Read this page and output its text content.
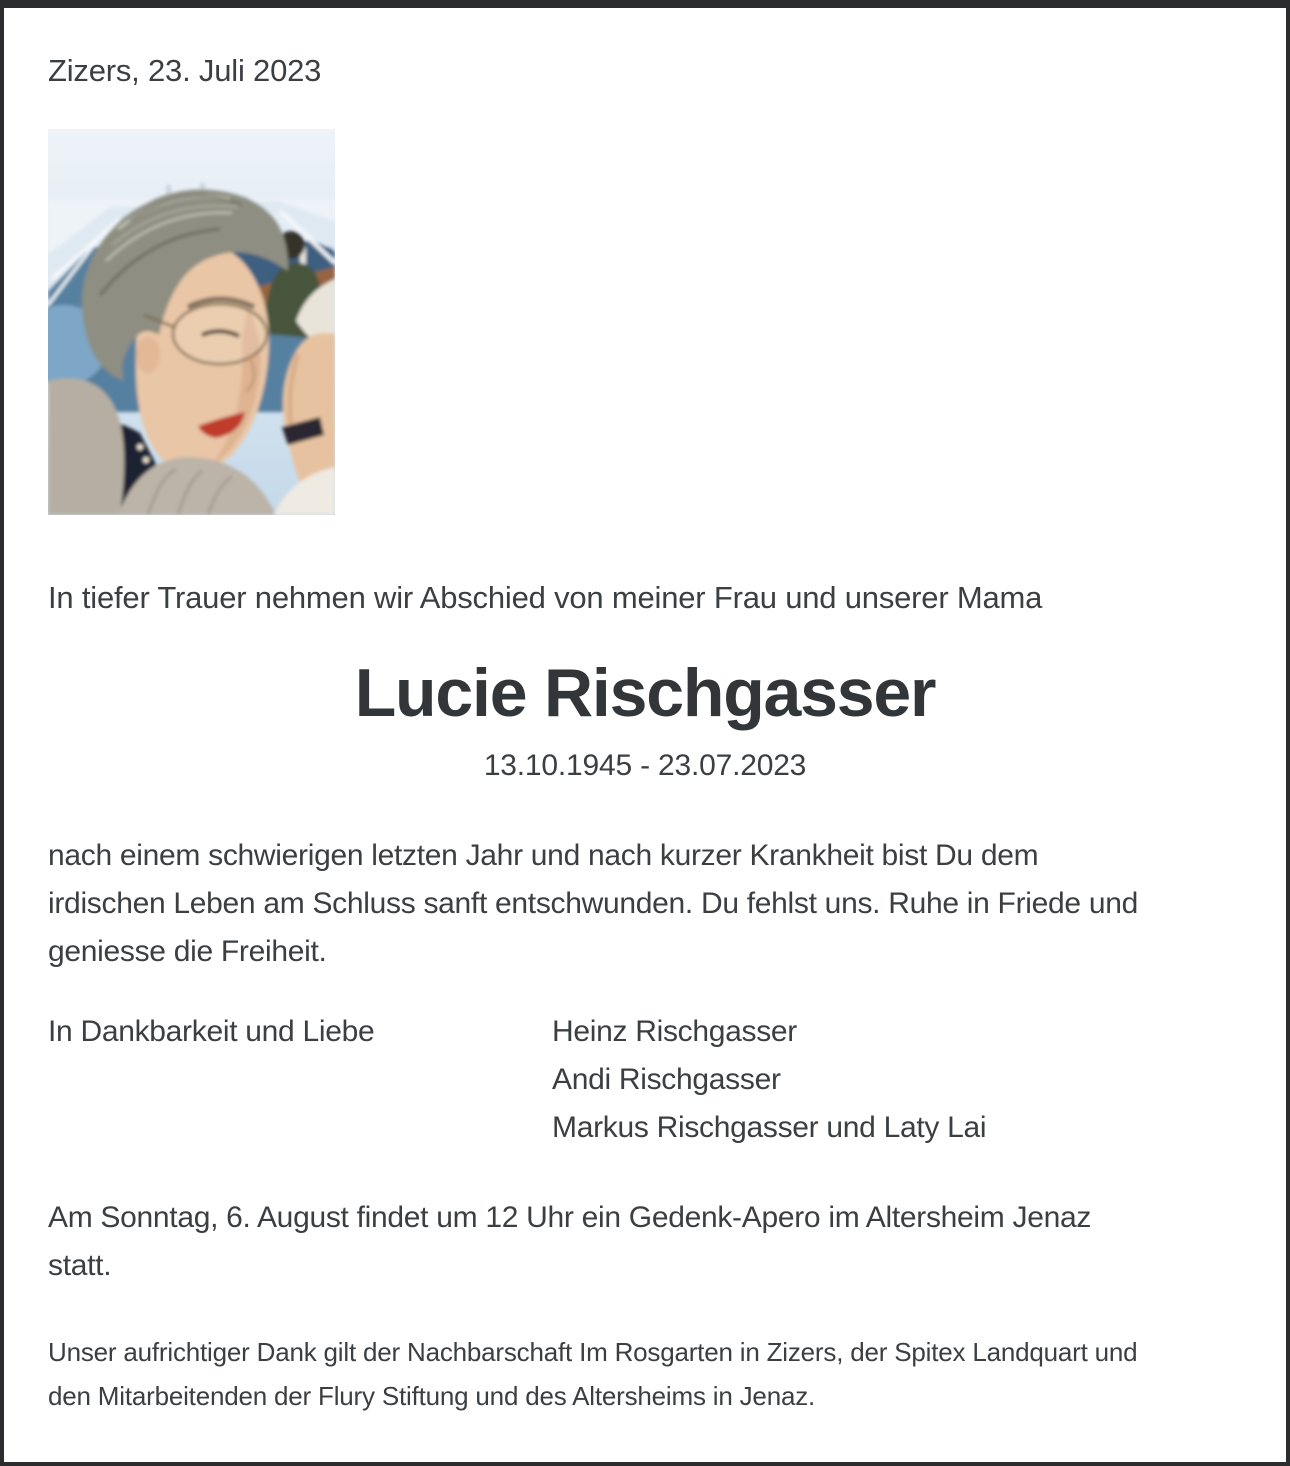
Zizers, 23. Juli 2023
In tiefer Trauer nehmen wir Abschied von meiner Frau und unserer Mama
Lucie Rischgasser
13.10.1945 - 23.07.2023
nach einem schwierigen letzten Jahr und nach kurzer Krankheit bist Du dem
irdischen Leben am Schluss sanft entschwunden. Du fehlst uns. Ruhe in Friede und
geniesse die Freiheit.
In Dankbarkeit und Liebe	Heinz Rischgasser
Andi Rischgasser
Markus Rischgasser und Laty Lai
Am Sonntag, 6. August findet um 12 Uhr ein Gedenk-Apero im Altersheim Jenaz
statt.
Unser aufrichtiger Dank gilt der Nachbarschaft Im Rosgarten in Zizers, der Spitex Landquart und
den Mitarbeitenden der Flury Stiftung und des Altersheims in Jenaz.
